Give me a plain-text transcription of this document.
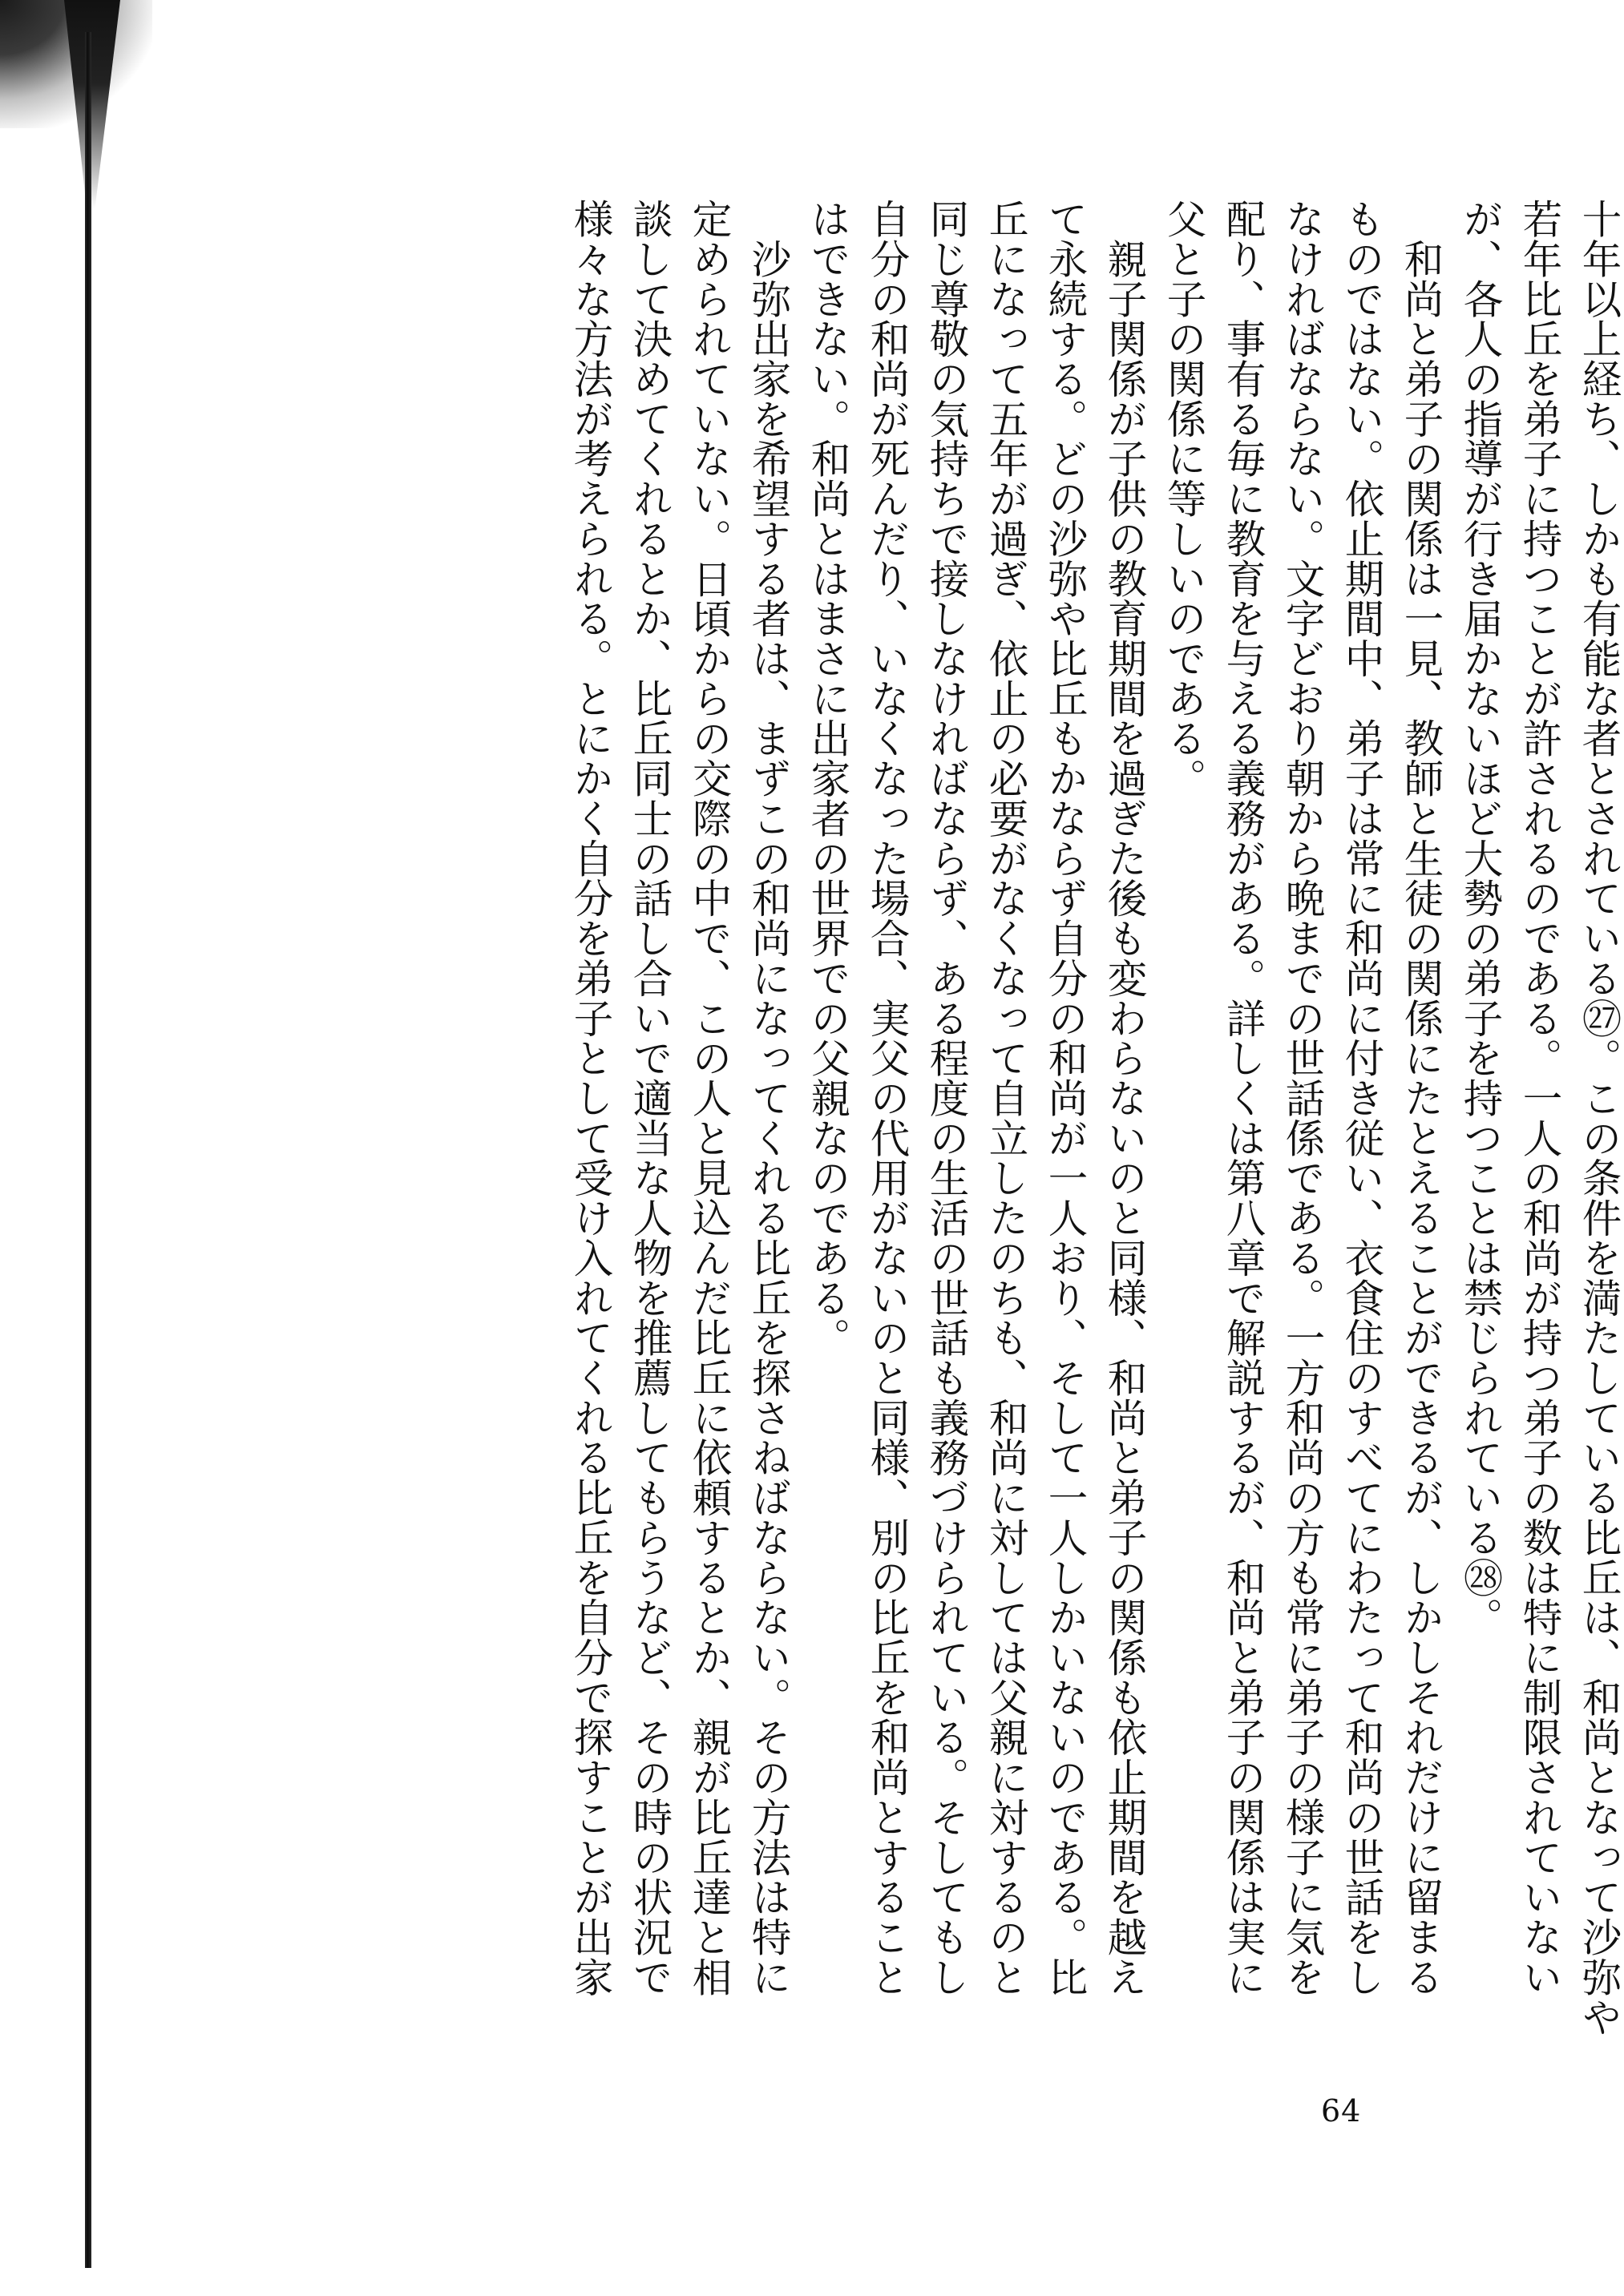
十年以上経ち、しかも有能な者とされている㉗。この条件を満たしている比丘は、和尚となって沙弥や
若年比丘を弟子に持つことが許されるのである。一人の和尚が持つ弟子の数は特に制限されていない
が、各人の指導が行き届かないほど大勢の弟子を持つことは禁じられている㉘。
　和尚と弟子の関係は一見、教師と生徒の関係にたとえることができるが、しかしそれだけに留まる
ものではない。依止期間中、弟子は常に和尚に付き従い、衣食住のすべてにわたって和尚の世話をし
なければならない。文字どおり朝から晩までの世話係である。一方和尚の方も常に弟子の様子に気を
配り、事有る毎に教育を与える義務がある。詳しくは第八章で解説するが、和尚と弟子の関係は実に
父と子の関係に等しいのである。
　親子関係が子供の教育期間を過ぎた後も変わらないのと同様、和尚と弟子の関係も依止期間を越え
て永続する。どの沙弥や比丘もかならず自分の和尚が一人おり、そして一人しかいないのである。比
丘になって五年が過ぎ、依止の必要がなくなって自立したのちも、和尚に対しては父親に対するのと
同じ尊敬の気持ちで接しなければならず、ある程度の生活の世話も義務づけられている。そしてもし
自分の和尚が死んだり、いなくなった場合、実父の代用がないのと同様、別の比丘を和尚とすること
はできない。和尚とはまさに出家者の世界での父親なのである。
　沙弥出家を希望する者は、まずこの和尚になってくれる比丘を探さねばならない。その方法は特に
定められていない。日頃からの交際の中で、この人と見込んだ比丘に依頼するとか、親が比丘達と相
談して決めてくれるとか、比丘同士の話し合いで適当な人物を推薦してもらうなど、その時の状況で
様々な方法が考えられる。とにかく自分を弟子として受け入れてくれる比丘を自分で探すことが出家
64
